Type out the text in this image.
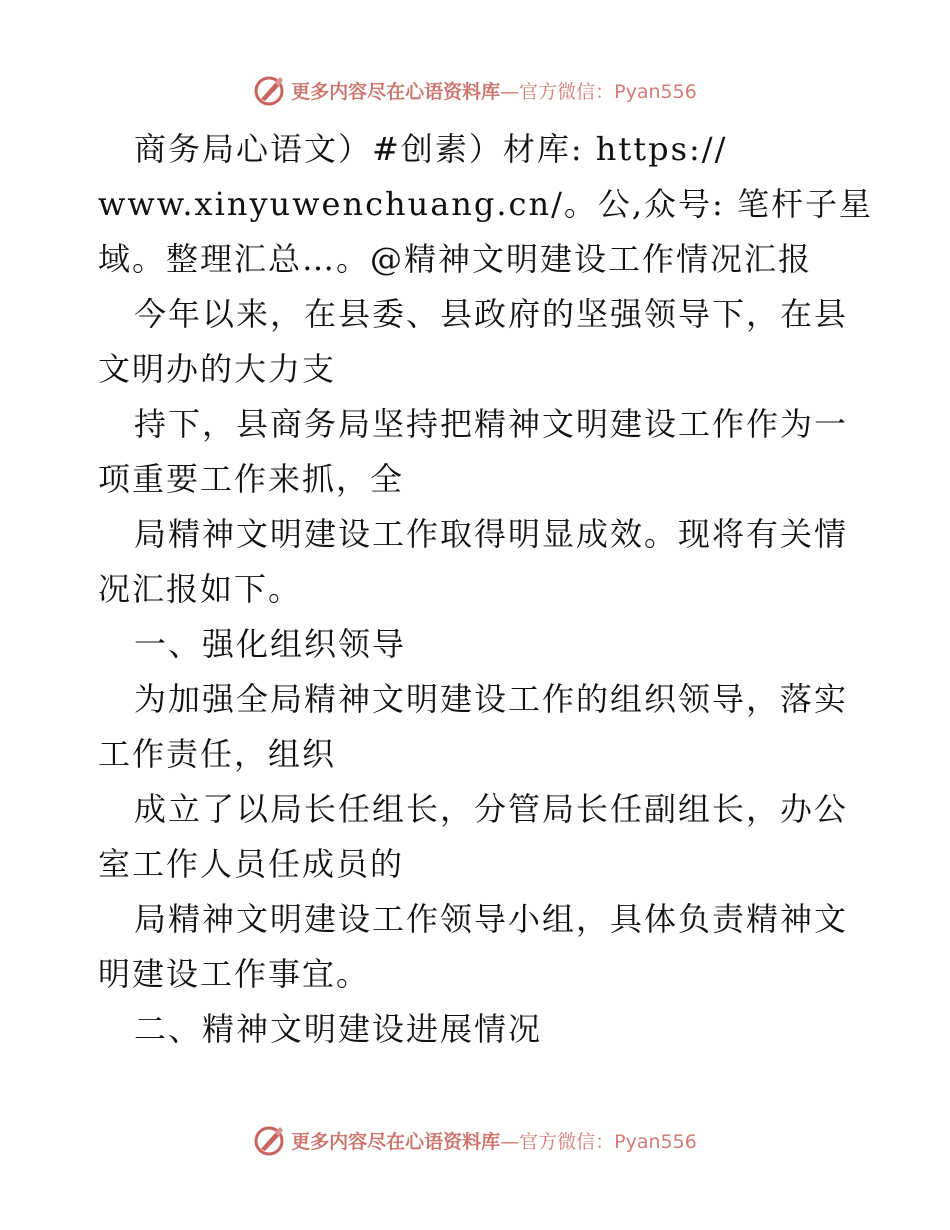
更多内容尽在心语资料库—官方微信：Pyan556
商务局心语文）#创素）材库: https://
www.xinyuwenchuang.cn/。公,众号: 笔杆子星
域。整理汇总…。@精神文明建设工作情况汇报
今年以来，在县委、县政府的坚强领导下，在县
文明办的大力支
持下，县商务局坚持把精神文明建设工作作为一
项重要工作来抓，全
局精神文明建设工作取得明显成效。现将有关情
况汇报如下。
一、强化组织领导
为加强全局精神文明建设工作的组织领导，落实
工作责任，组织
成立了以局长任组长，分管局长任副组长，办公
室工作人员任成员的
局精神文明建设工作领导小组，具体负责精神文
明建设工作事宜。
二、精神文明建设进展情况
更多内容尽在心语资料库—官方微信：Pyan556
